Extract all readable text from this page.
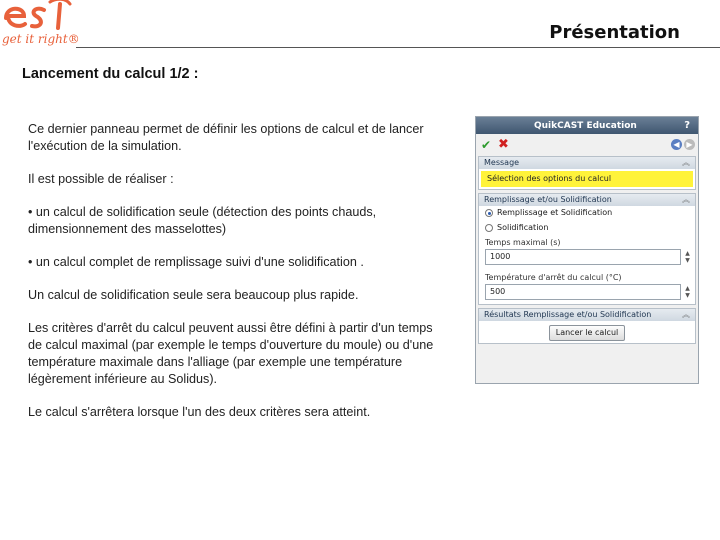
get it right®	Présentation
Lancement du calcul 1/2 :

Ce dernier panneau permet de définir les options de calcul et de lancer l'exécution de la simulation.

Il est possible de réaliser :

• un calcul de solidification seule (détection des points chauds, dimensionnement des masselottes)

• un calcul complet de remplissage suivi d'une solidification .

Un calcul de solidification seule sera beaucoup plus rapide.

Les critères d'arrêt du calcul peuvent aussi être défini à partir d'un temps de calcul maximal (par exemple le temps d'ouverture du moule) ou d'une température maximale dans l'alliage (par exemple une température légèrement inférieure au Solidus).

Le calcul s'arrêtera lorsque l'un des deux critères sera atteint.

QuikCAST Education	?
✔ ✖	◀ ▶
Message	︽
Sélection des options du calcul
Remplissage et/ou Solidification	︽
Remplissage et Solidification
Solidification
Temps maximal (s)
1000	▲
▼
Température d'arrêt du calcul (°C)
500	▲
▼
Résultats Remplissage et/ou Solidification	︽
Lancer le calcul
